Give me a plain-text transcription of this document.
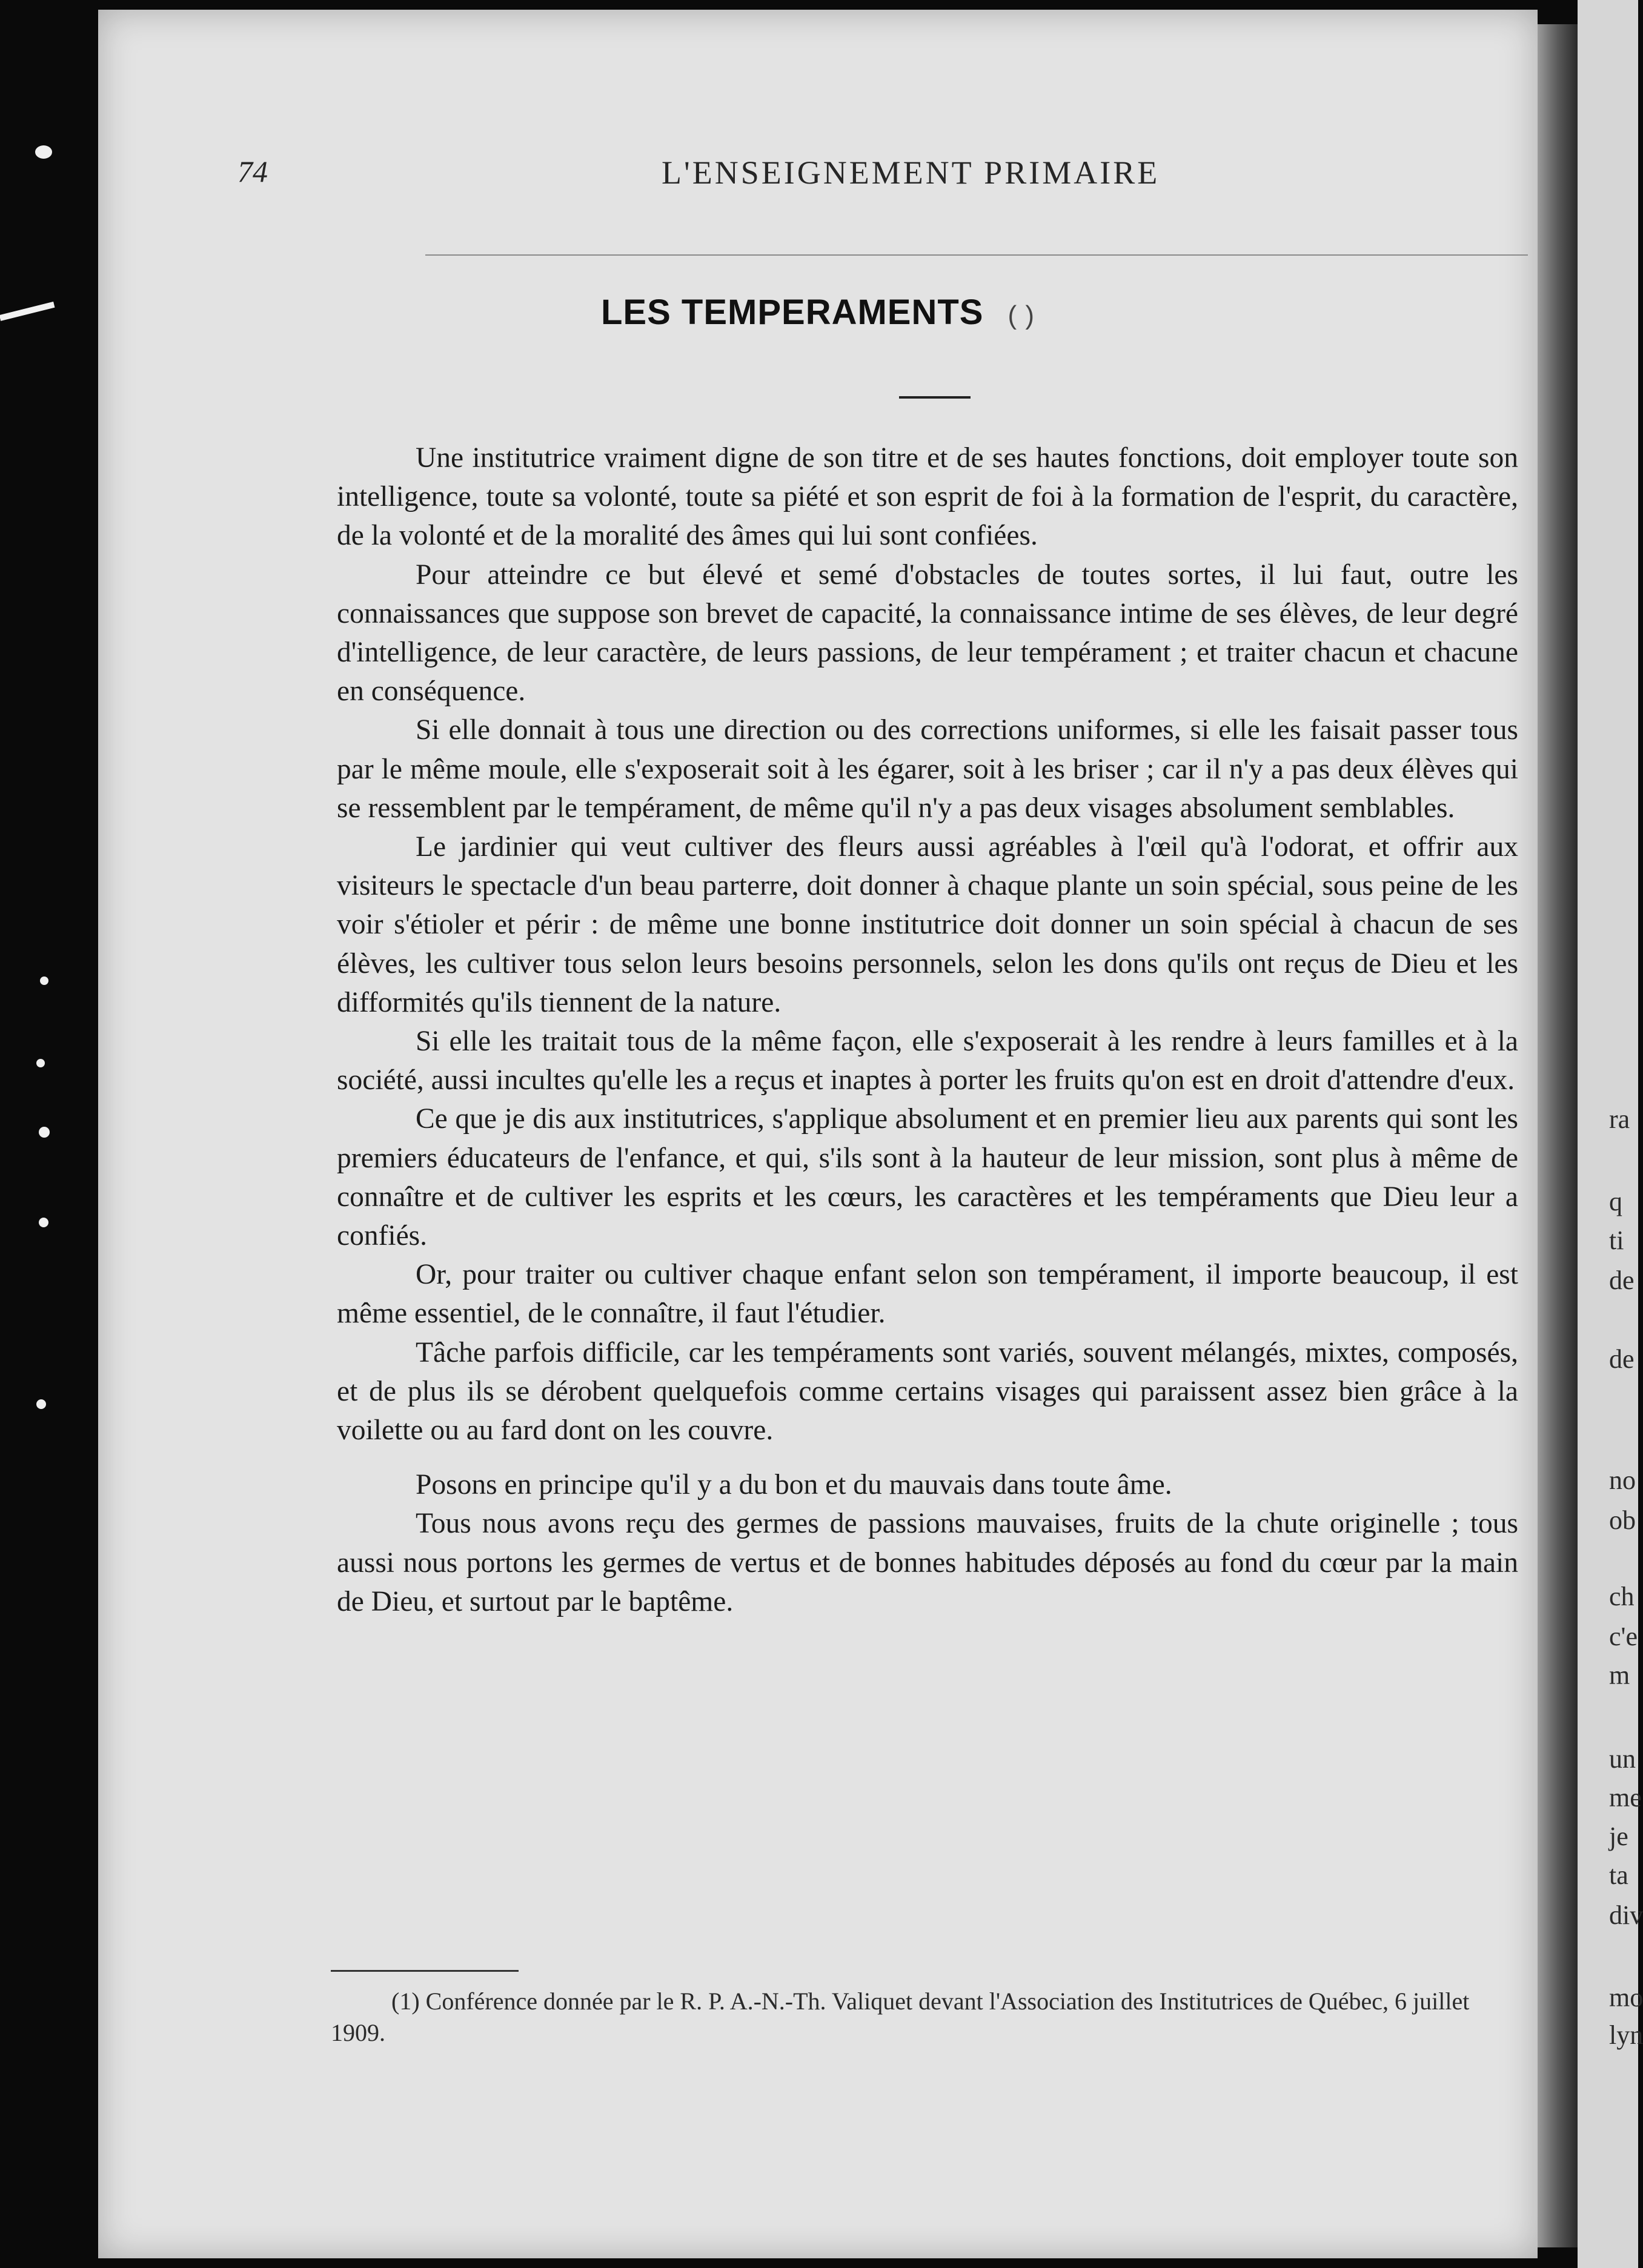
74	L'ENSEIGNEMENT PRIMAIRE
LES TEMPERAMENTS ( )

Une institutrice vraiment digne de son titre et de ses hautes fonctions, doit employer toute son intelligence, toute sa volonté, toute sa piété et son esprit de foi à la formation de l'esprit, du caractère, de la volonté et de la moralité des âmes qui lui sont confiées.

Pour atteindre ce but élevé et semé d'obstacles de toutes sortes, il lui faut, outre les connaissances que suppose son brevet de capacité, la connaissance intime de ses élèves, de leur degré d'intelligence, de leur caractère, de leurs passions, de leur tempérament ; et traiter chacun et chacune en conséquence.

Si elle donnait à tous une direction ou des corrections uniformes, si elle les faisait passer tous par le même moule, elle s'exposerait soit à les égarer, soit à les briser ; car il n'y a pas deux élèves qui se ressemblent par le tempérament, de même qu'il n'y a pas deux visages absolument semblables.

Le jardinier qui veut cultiver des fleurs aussi agréables à l'œil qu'à l'odorat, et offrir aux visiteurs le spectacle d'un beau parterre, doit donner à chaque plante un soin spécial, sous peine de les voir s'étioler et périr : de même une bonne institutrice doit donner un soin spécial à chacun de ses élèves, les cultiver tous selon leurs besoins personnels, selon les dons qu'ils ont reçus de Dieu et les difformités qu'ils tiennent de la nature.

Si elle les traitait tous de la même façon, elle s'exposerait à les rendre à leurs familles et à la société, aussi incultes qu'elle les a reçus et inaptes à porter les fruits qu'on est en droit d'attendre d'eux.

Ce que je dis aux institutrices, s'applique absolument et en premier lieu aux parents qui sont les premiers éducateurs de l'enfance, et qui, s'ils sont à la hauteur de leur mission, sont plus à même de connaître et de cultiver les esprits et les cœurs, les caractères et les tempéraments que Dieu leur a confiés.

Or, pour traiter ou cultiver chaque enfant selon son tempérament, il importe beaucoup, il est même essentiel, de le connaître, il faut l'étudier.

Tâche parfois difficile, car les tempéraments sont variés, souvent mélangés, mixtes, composés, et de plus ils se dérobent quelquefois comme certains visages qui paraissent assez bien grâce à la voilette ou au fard dont on les couvre.

Posons en principe qu'il y a du bon et du mauvais dans toute âme.

Tous nous avons reçu des germes de passions mauvaises, fruits de la chute originelle ; tous aussi nous portons les germes de vertus et de bonnes habitudes déposés au fond du cœur par la main de Dieu, et surtout par le baptême.

(1) Conférence donnée par le R. P. A.-N.-Th. Valiquet devant l'Association des Institutrices de Québec, 6 juillet 1909.
ra
q
ti
de
de
no
ob
ch
c'e
m
un
me
je
ta
div
mo
lyn
